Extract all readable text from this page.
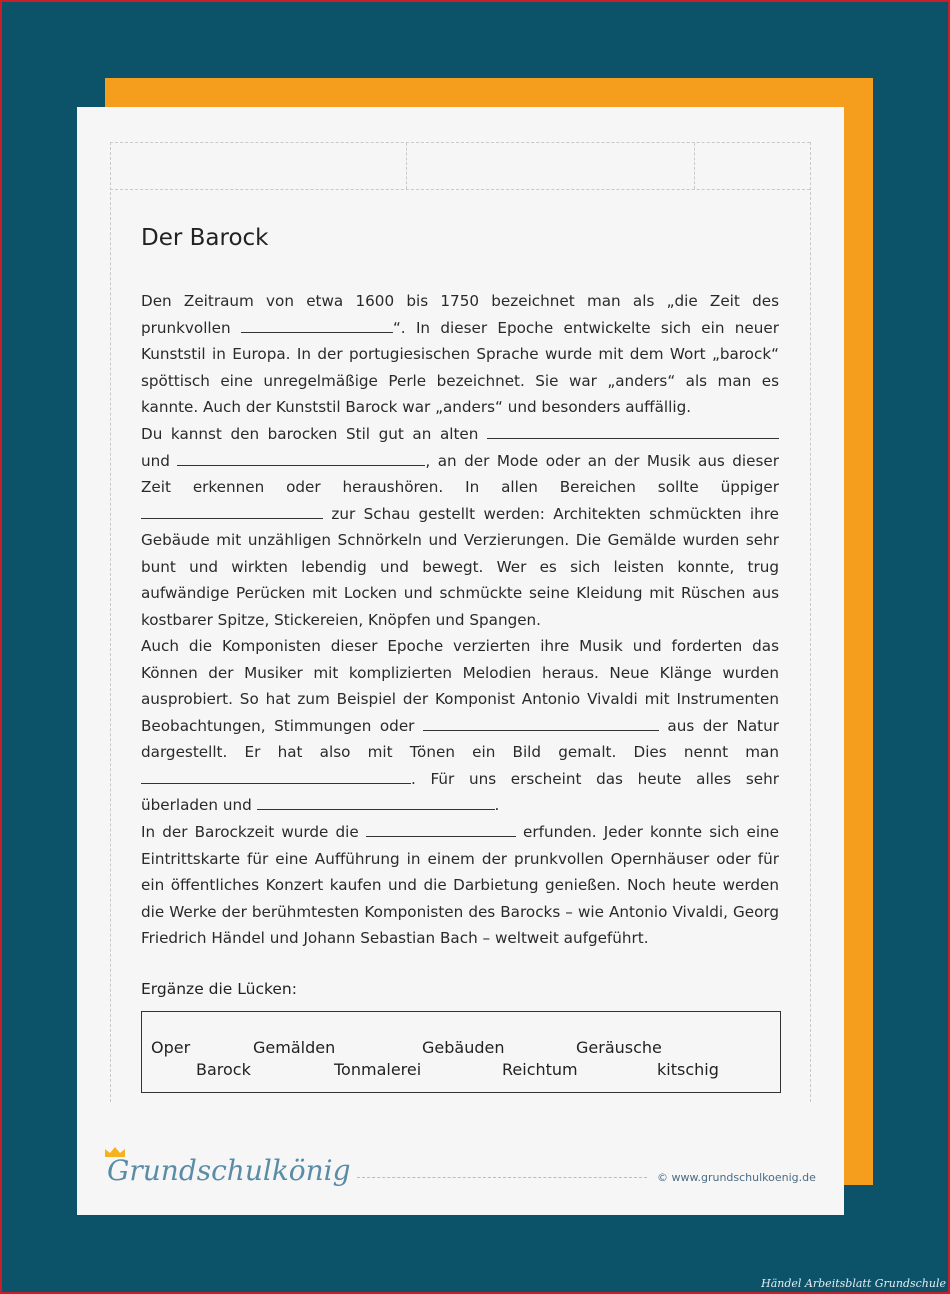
Der Barock

Den Zeitraum von etwa 1600 bis 1750 bezeichnet man als „die Zeit des prunkvollen	“. In dieser Epoche entwickelte sich ein neuer Kunststil in Europa. In der portugiesischen Sprache wurde mit dem Wort „barock“ spöttisch eine unregelmäßige Perle bezeichnet. Sie war „anders“ als man es kannte. Auch der Kunststil Barock war „anders“ und besonders auffällig.

Du kannst den barocken Stil gut an alten  und	, an der Mode oder an der Musik aus dieser Zeit erkennen oder heraushören. In allen Bereichen sollte üppiger  zur Schau gestellt werden: Architekten schmückten ihre Gebäude mit unzähligen Schnörkeln und Verzierungen. Die Gemälde wurden sehr bunt und wirkten lebendig und bewegt. Wer es sich leisten konnte, trug aufwändige Perücken mit Locken und schmückte seine Kleidung mit Rüschen aus kostbarer Spitze, Stickereien, Knöpfen und Spangen.

Auch die Komponisten dieser Epoche verzierten ihre Musik und forderten das Können der Musiker mit komplizierten Melodien heraus. Neue Klänge wurden ausprobiert. So hat zum Beispiel der Komponist Antonio Vivaldi mit Instrumenten Beobachtungen, Stimmungen oder	aus der Natur dargestellt. Er hat also mit Tönen ein Bild gemalt. Dies nennt man . Für uns erscheint das heute alles sehr überladen und	.

In der Barockzeit wurde die	erfunden. Jeder konnte sich eine Eintrittskarte für eine Aufführung in einem der prunkvollen Opernhäuser oder für ein öffentliches Konzert kaufen und die Darbietung genießen. Noch heute werden die Werke der berühmtesten Komponisten des Barocks – wie Antonio Vivaldi, Georg Friedrich Händel und Johann Sebastian Bach – weltweit aufgeführt.

Ergänze die Lücken:

Oper	Gemälden	Gebäuden	Geräusche
Barock	Tonmalerei	Reichtum	kitschig
Grundschulkönig	© www.grundschulkoenig.de
Händel Arbeitsblatt Grundschule
